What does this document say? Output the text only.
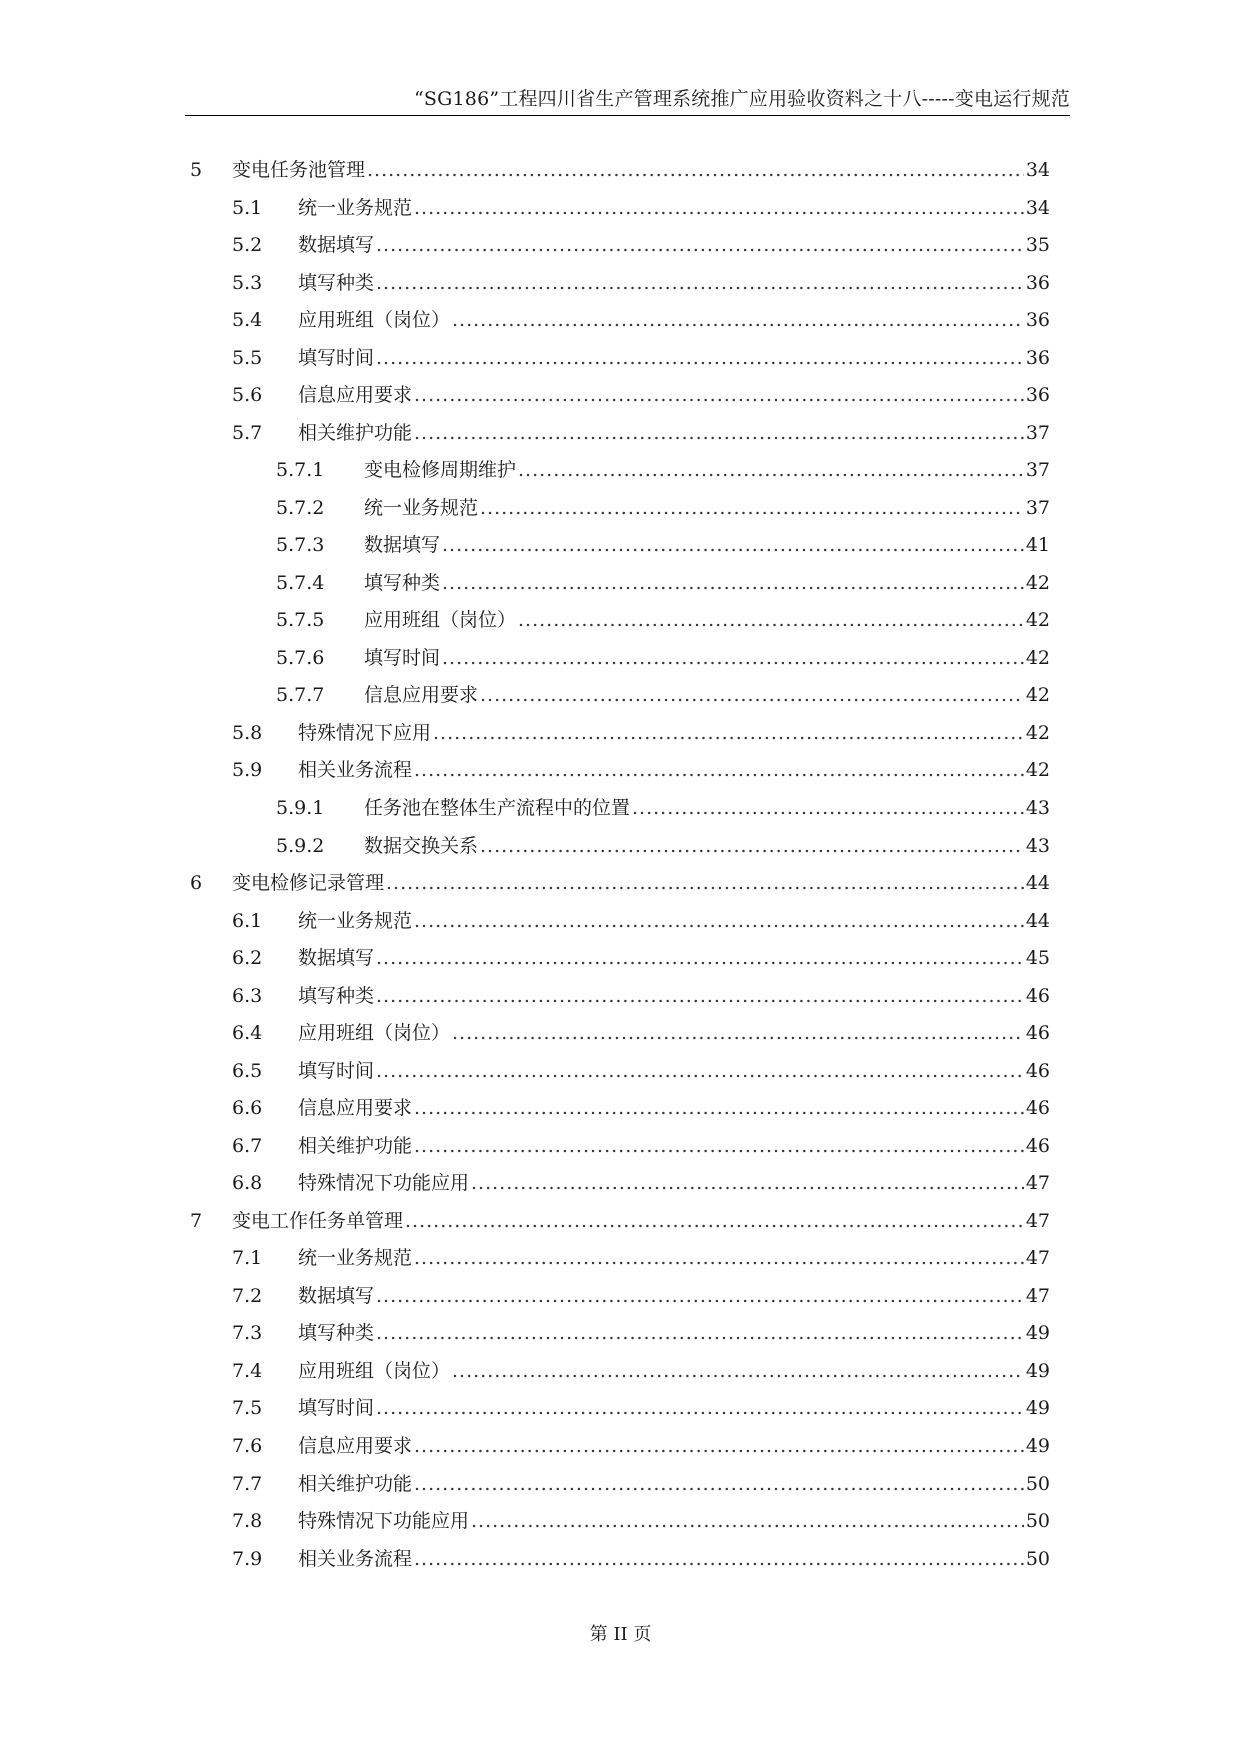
“SG186”工程四川省生产管理系统推广应用验收资料之十八-----变电运行规范
5	变电任务池管理 .....	34
5.1	统一业务规范 .....	34
5.2	数据填写 .....	35
5.3	填写种类 .....	36
5.4	应用班组（岗位） .....	36
5.5	填写时间 .....	36
5.6	信息应用要求 .....	36
5.7	相关维护功能 .....	37
5.7.1	变电检修周期维护 .....	37
5.7.2	统一业务规范 .....	37
5.7.3	数据填写 .....	41
5.7.4	填写种类 .....	42
5.7.5	应用班组（岗位） .....	42
5.7.6	填写时间 .....	42
5.7.7	信息应用要求 .....	42
5.8	特殊情况下应用 .....	42
5.9	相关业务流程 .....	42
5.9.1	任务池在整体生产流程中的位置 .....	43
5.9.2	数据交换关系 .....	43
6	变电检修记录管理 .....	44
6.1	统一业务规范 .....	44
6.2	数据填写 .....	45
6.3	填写种类 .....	46
6.4	应用班组（岗位） .....	46
6.5	填写时间 .....	46
6.6	信息应用要求 .....	46
6.7	相关维护功能 .....	46
6.8	特殊情况下功能应用 .....	47
7	变电工作任务单管理 .....	47
7.1	统一业务规范 .....	47
7.2	数据填写 .....	47
7.3	填写种类 .....	49
7.4	应用班组（岗位） .....	49
7.5	填写时间 .....	49
7.6	信息应用要求 .....	49
7.7	相关维护功能 .....	50
7.8	特殊情况下功能应用 .....	50
7.9	相关业务流程 .....	50
第 II 页
